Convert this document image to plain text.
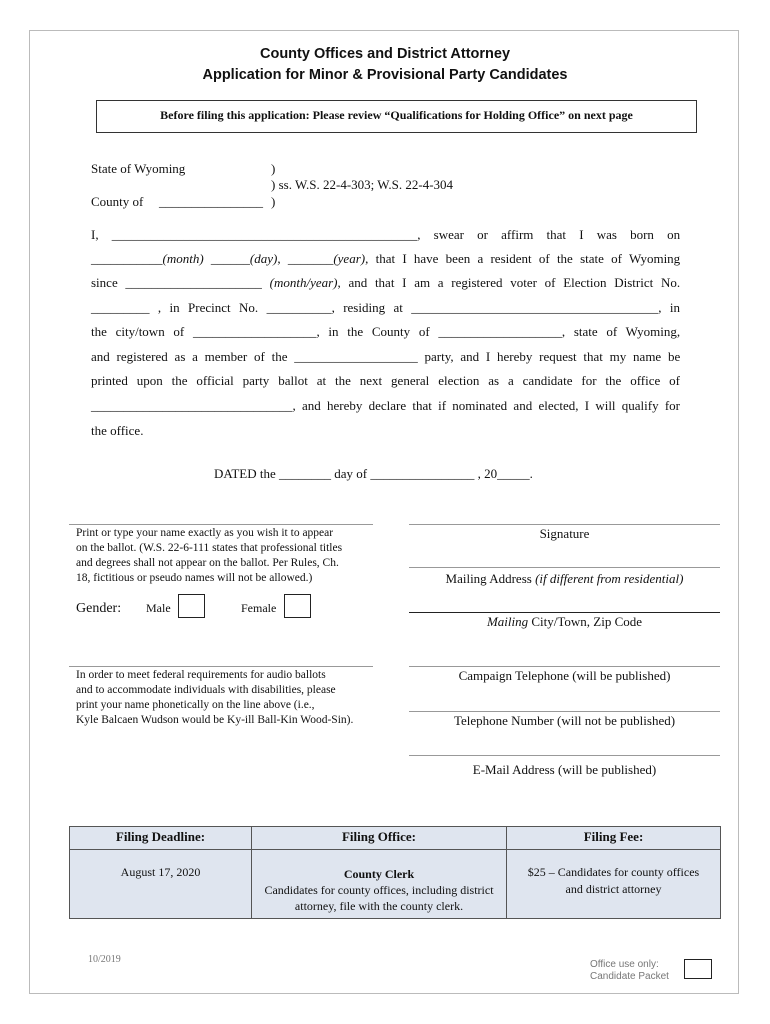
County Offices and District Attorney
Application for Minor & Provisional Party Candidates
Before filing this application: Please review “Qualifications for Holding Office” on next page
State of Wyoming
County of ________________
)
) ss. W.S. 22-4-303; W.S. 22-4-304
)
I, _______________________________________________, swear or affirm that I was born on
___________(month) ______(day), _______(year), that I have been a resident of the state of Wyoming
since _____________________ (month/year), and that I am a registered voter of Election District No.
_________ , in Precinct No. __________, residing at ______________________________________, in
the city/town of ___________________, in the County of ___________________, state of Wyoming,
and registered as a member of the ___________________ party, and I hereby request that my name be
printed upon the official party ballot at the next general election as a candidate for the office of
_______________________________, and hereby declare that if nominated and elected, I will qualify for
the office.
DATED the ________ day of ________________ , 20_____.
Print or type your name exactly as you wish it to appear
on the ballot. (W.S. 22-6-111 states that professional titles
and degrees shall not appear on the ballot. Per Rules, Ch.
18, fictitious or pseudo names will not be allowed.)
Gender: Male	Female
In order to meet federal requirements for audio ballots
and to accommodate individuals with disabilities, please
print your name phonetically on the line above (i.e.,
Kyle Balcaen Wudson would be Ky-ill Ball-Kin Wood-Sin).
Signature
Mailing Address (if different from residential)
Mailing City/Town, Zip Code
Campaign Telephone (will be published)
Telephone Number (will not be published)
E-Mail Address (will be published)
Filing Deadline:
August 17, 2020
Filing Office:
County Clerk
Candidates for county offices, including district
attorney, file with the county clerk.
Filing Fee:
$25 – Candidates for county offices
and district attorney
10/2019	Office use only:
Candidate Packet
